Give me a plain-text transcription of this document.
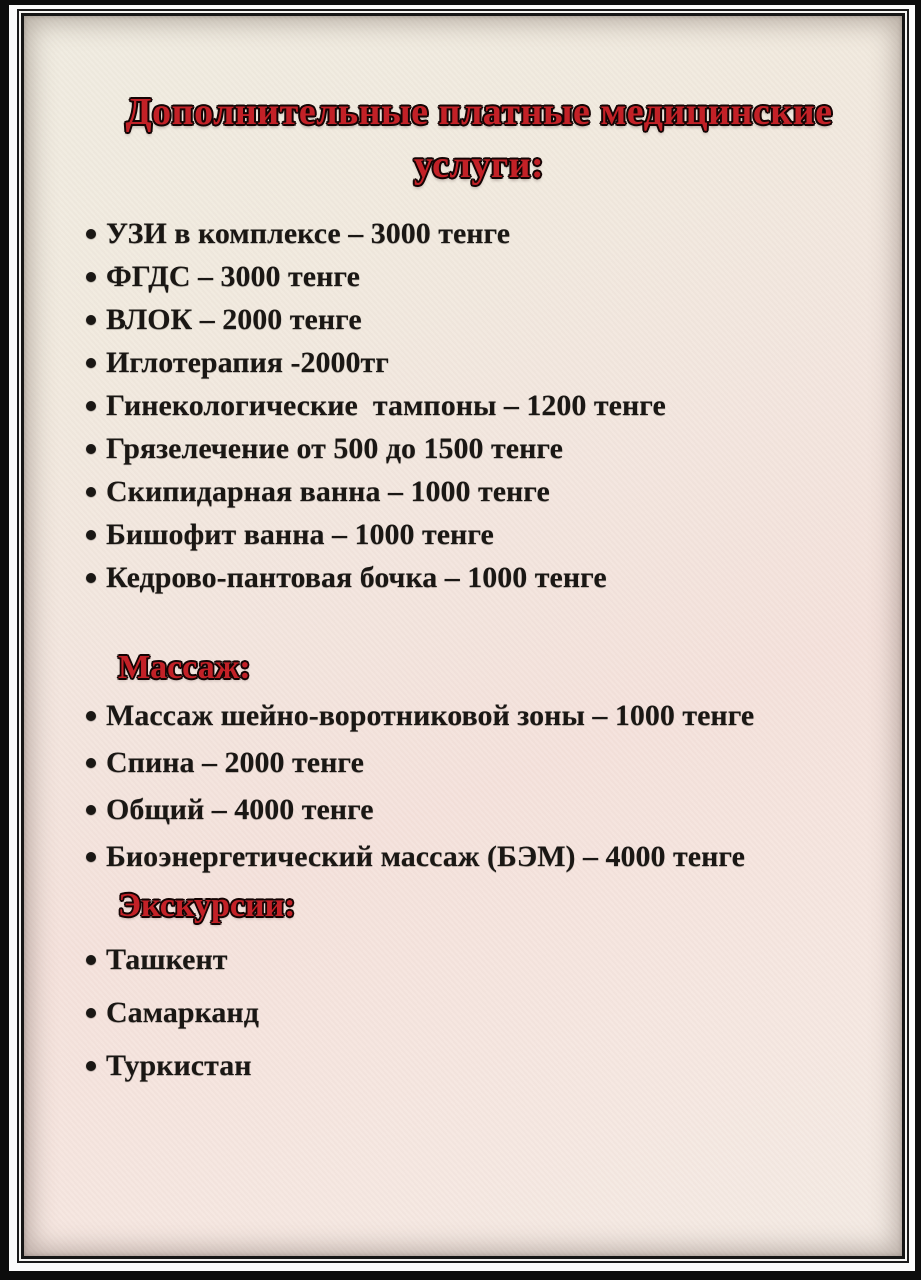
Дополнительные платные медицинские услуги:
УЗИ в комплексе – 3000 тенге
ФГДС – 3000 тенге
ВЛОК – 2000 тенге
Иглотерапия -2000тг
Гинекологические  тампоны – 1200 тенге
Грязелечение от 500 до 1500 тенге
Скипидарная ванна – 1000 тенге
Бишофит ванна – 1000 тенге
Кедрово-пантовая бочка – 1000 тенге
Массаж:
Массаж шейно-воротниковой зоны – 1000 тенге
Спина – 2000 тенге
Общий – 4000 тенге
Биоэнергетический массаж (БЭМ) – 4000 тенге
Экскурсии:
Ташкент
Самарканд
Туркистан
